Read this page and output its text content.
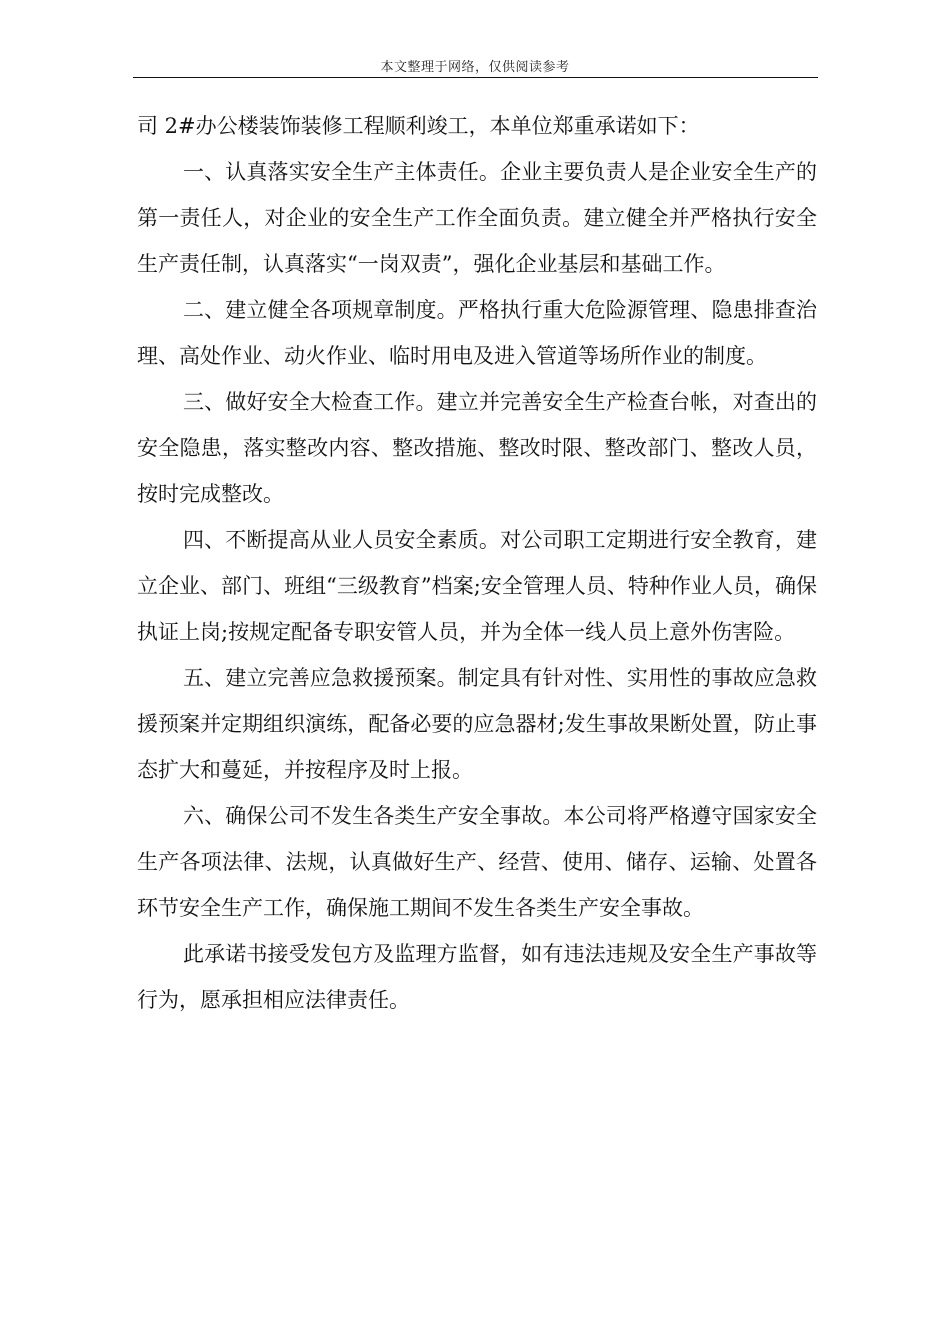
本文整理于网络，仅供阅读参考

司 2#办公楼装饰装修工程顺利竣工，本单位郑重承诺如下：

一、认真落实安全生产主体责任。企业主要负责人是企业安全生产的第一责任人，对企业的安全生产工作全面负责。建立健全并严格执行安全生产责任制，认真落实“一岗双责”，强化企业基层和基础工作。

二、建立健全各项规章制度。严格执行重大危险源管理、隐患排查治理、高处作业、动火作业、临时用电及进入管道等场所作业的制度。

三、做好安全大检查工作。建立并完善安全生产检查台帐，对查出的安全隐患，落实整改内容、整改措施、整改时限、整改部门、整改人员，按时完成整改。

四、不断提高从业人员安全素质。对公司职工定期进行安全教育，建立企业、部门、班组“三级教育”档案;安全管理人员、特种作业人员，确保执证上岗;按规定配备专职安管人员，并为全体一线人员上意外伤害险。

五、建立完善应急救援预案。制定具有针对性、实用性的事故应急救援预案并定期组织演练，配备必要的应急器材;发生事故果断处置，防止事态扩大和蔓延，并按程序及时上报。

六、确保公司不发生各类生产安全事故。本公司将严格遵守国家安全生产各项法律、法规，认真做好生产、经营、使用、储存、运输、处置各环节安全生产工作，确保施工期间不发生各类生产安全事故。

此承诺书接受发包方及监理方监督，如有违法违规及安全生产事故等行为，愿承担相应法律责任。
